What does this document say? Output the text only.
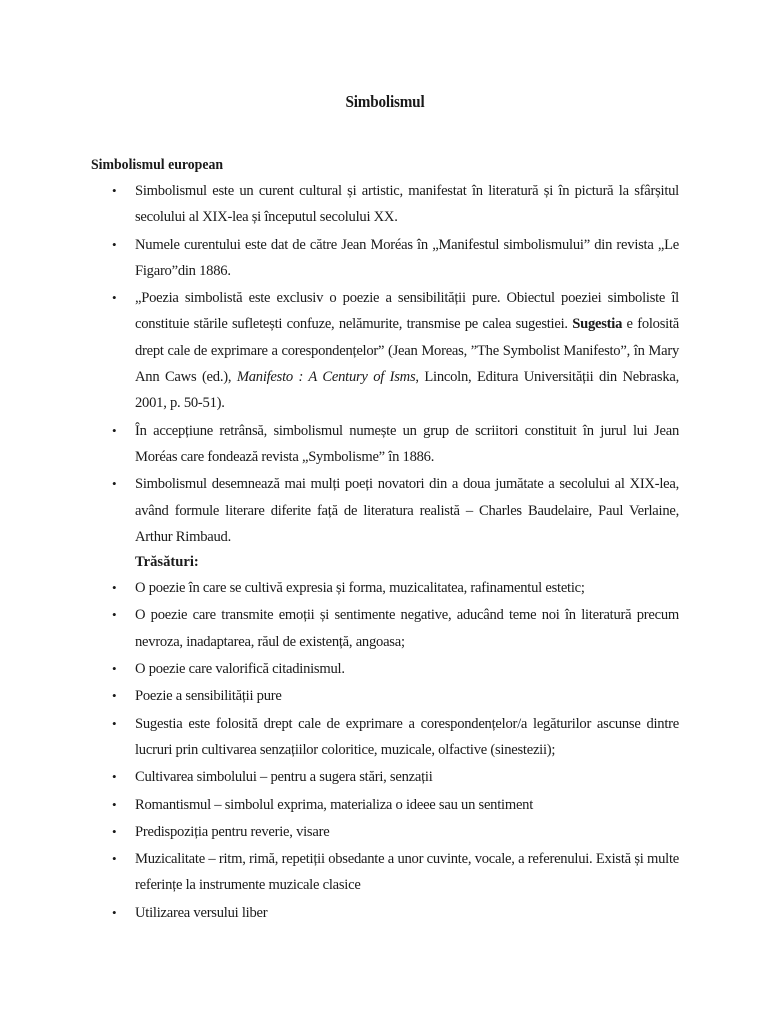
Simbolismul
Simbolismul european
• Simbolismul este un curent cultural și artistic, manifestat în literatură și în pictură la sfârșitul secolului al XIX-lea și începutul secolului XX.
• Numele curentului este dat de către Jean Moréas în „Manifestul simbolismului” din revista „Le Figaro”din 1886.
• „Poezia simbolistă este exclusiv o poezie a sensibilității pure. Obiectul poeziei simboliste îl constituie stările sufletești confuze, nelămurite, transmise pe calea sugestiei. Sugestia e folosită drept cale de exprimare a corespondențelor” (Jean Moreas, ”The Symbolist Manifesto”, în Mary Ann Caws (ed.), Manifesto : A Century of Isms, Lincoln, Editura Universității din Nebraska, 2001, p. 50-51).
• În accepțiune retrânsă, simbolismul numește un grup de scriitori constituit în jurul lui Jean Moréas care fondează revista „Symbolisme” în 1886.
• Simbolismul desemnează mai mulți poeți novatori din a doua jumătate a secolului al XIX-lea, având formule literare diferite față de literatura realistă – Charles Baudelaire, Paul Verlaine, Arthur Rimbaud.
Trăsături:
• O poezie în care se cultivă expresia și forma, muzicalitatea, rafinamentul estetic;
• O poezie care transmite emoții și sentimente negative, aducând teme noi în literatură precum nevroza, inadaptarea, răul de existență, angoasa;
• O poezie care valorifică citadinismul.
• Poezie a sensibilității pure
• Sugestia este folosită drept cale de exprimare a corespondențelor/a legăturilor ascunse dintre lucruri prin cultivarea senzațiilor coloritice, muzicale, olfactive (sinestezii);
• Cultivarea simbolului – pentru a sugera stări, senzații
• Romantismul – simbolul exprima, materializa o ideee sau un sentiment
• Predispoziția pentru reverie, visare
• Muzicalitate – ritm, rimă, repetiții obsedante a unor cuvinte, vocale, a referenului. Există și multe referințe la instrumente muzicale clasice
• Utilizarea versului liber
